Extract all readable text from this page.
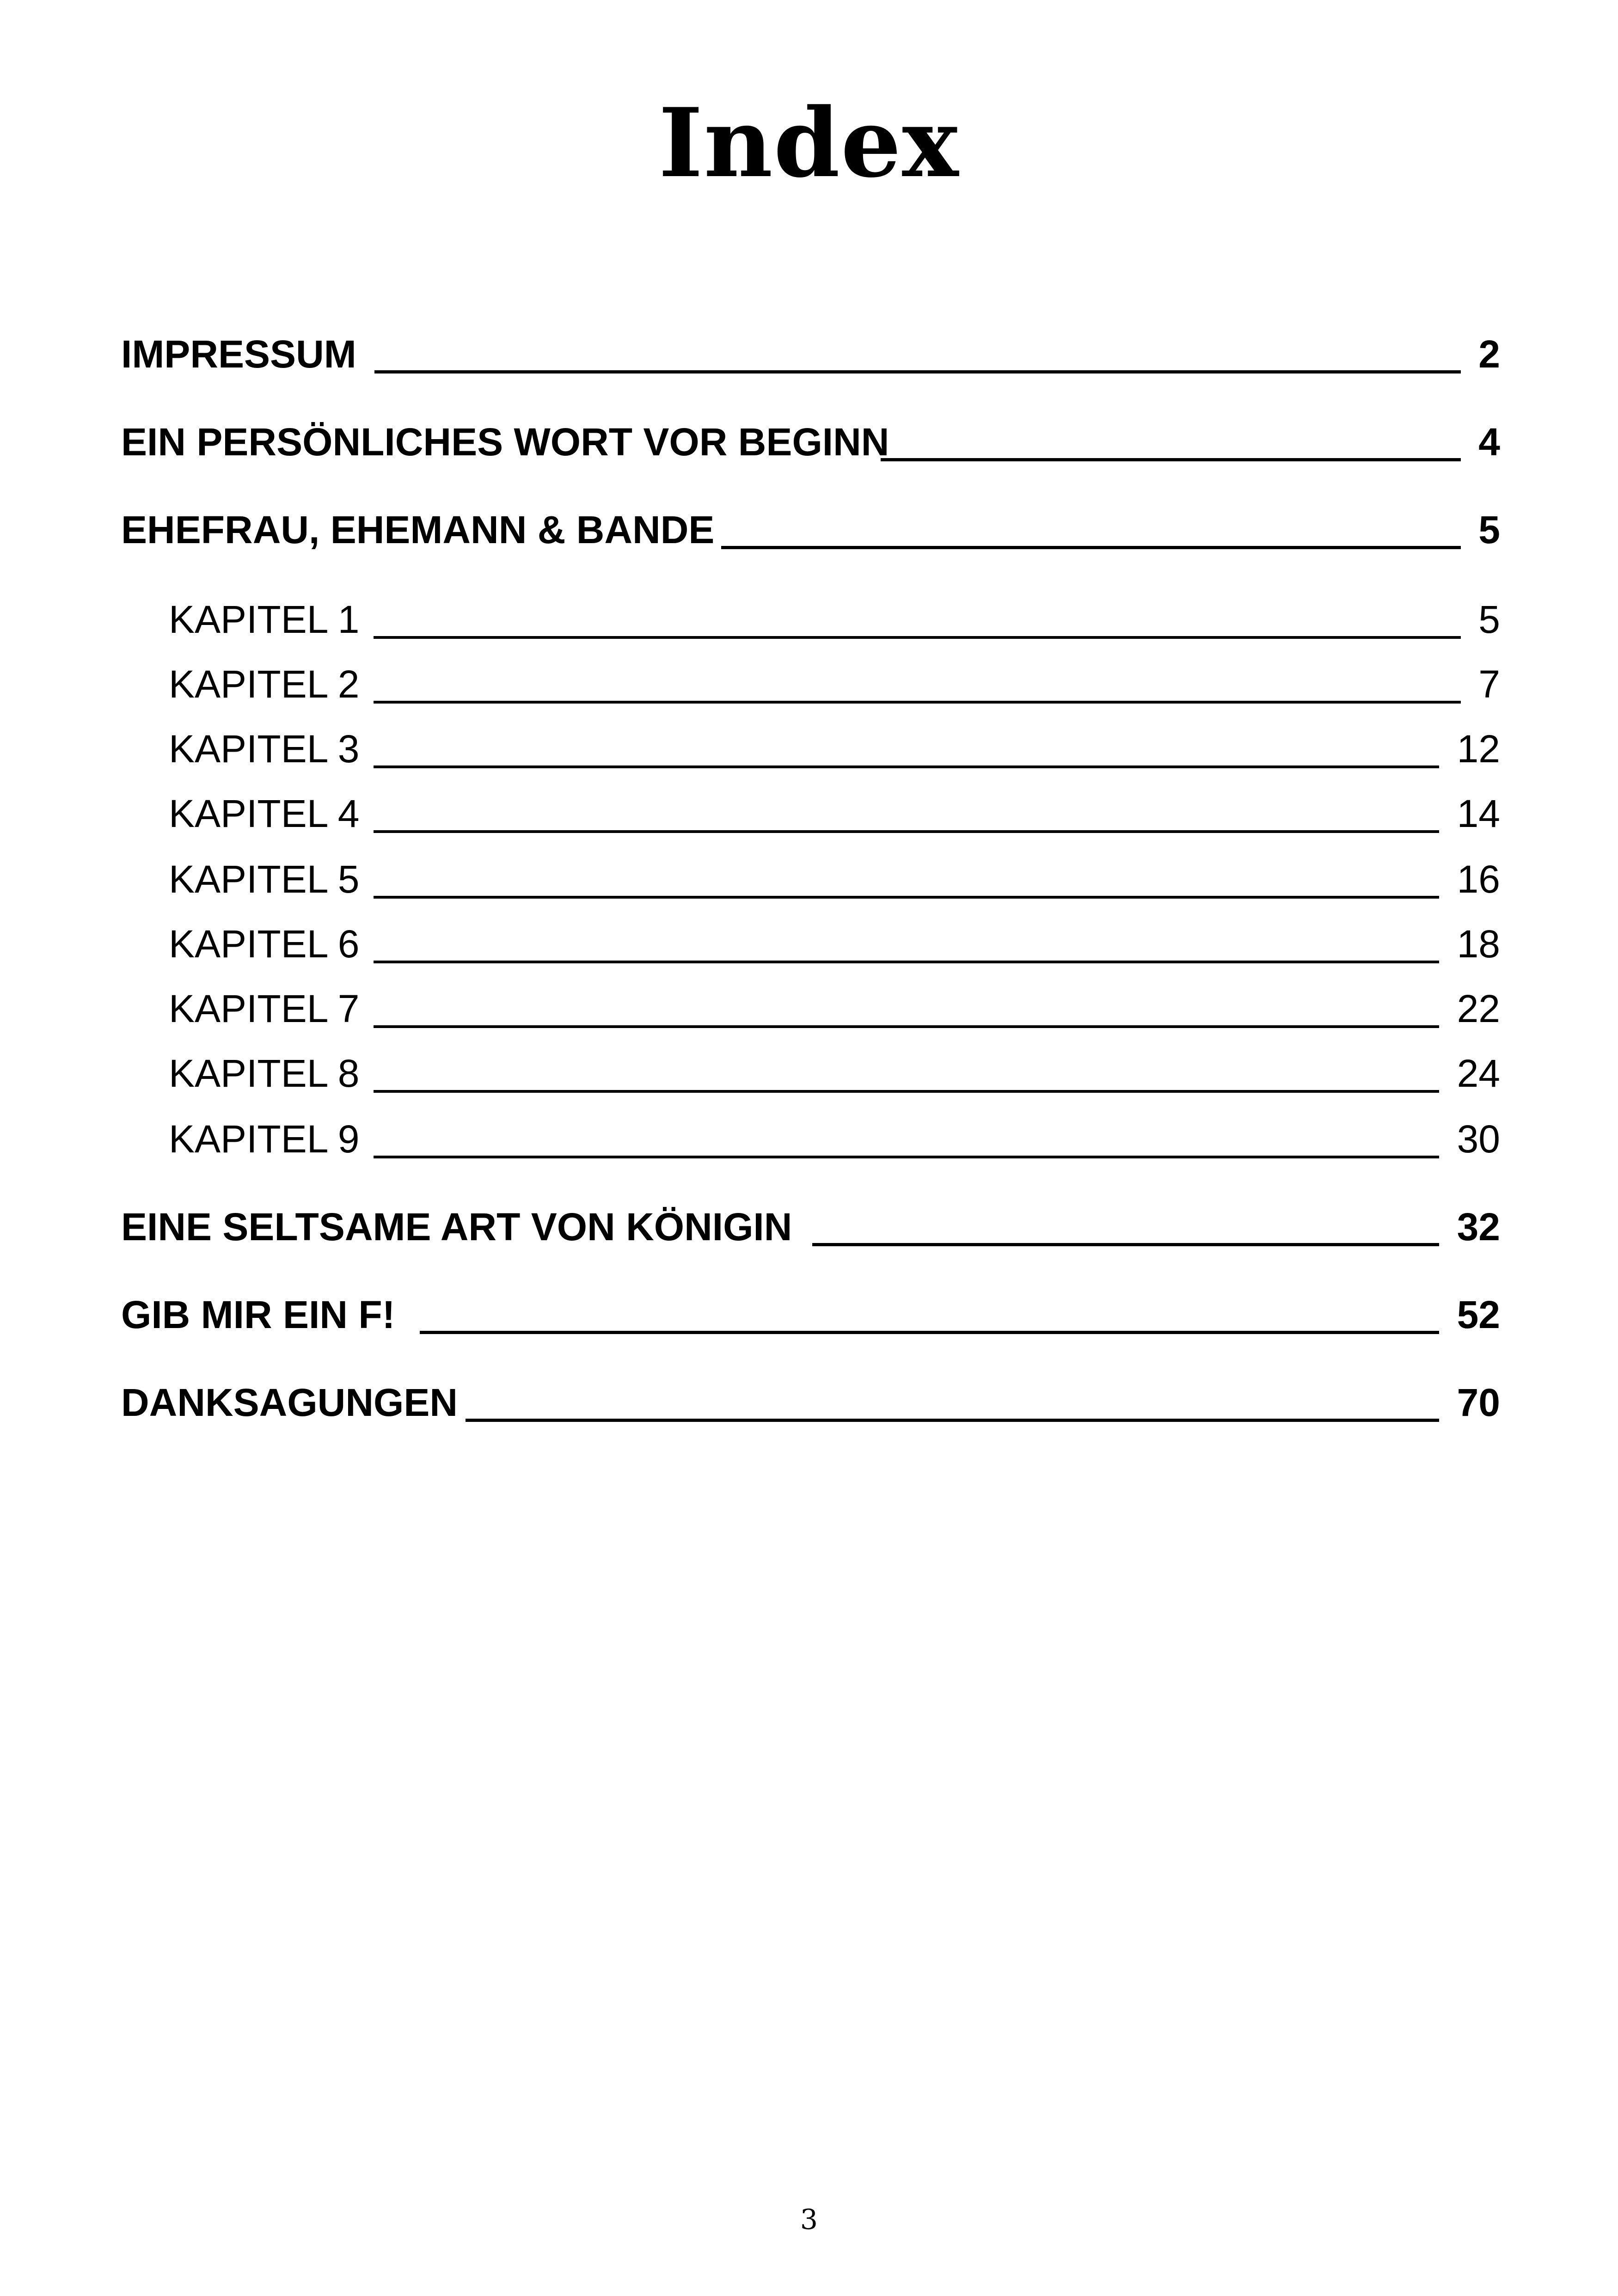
Index
IMPRESSUM	2
EIN PERSÖNLICHES WORT VOR BEGINN	4
EHEFRAU, EHEMANN & BANDE	5
KAPITEL 1	5
KAPITEL 2	7
KAPITEL 3	12
KAPITEL 4	14
KAPITEL 5	16
KAPITEL 6	18
KAPITEL 7	22
KAPITEL 8	24
KAPITEL 9	30
EINE SELTSAME ART VON KÖNIGIN	32
GIB MIR EIN F!	52
DANKSAGUNGEN	70
3
